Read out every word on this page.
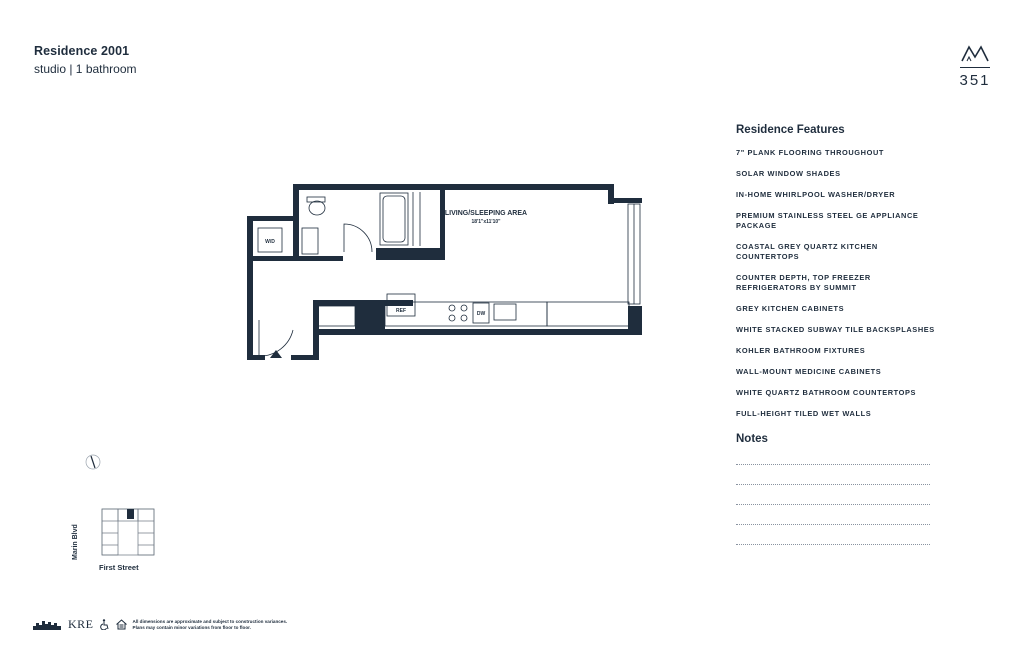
Residence 2001
studio | 1 bathroom
351
LIVING/SLEEPING AREA
18'1"x11'10"
W/D
REF	DW
Residence Features
7" PLANK FLOORING THROUGHOUT
SOLAR WINDOW SHADES
IN-HOME WHIRLPOOL WASHER/DRYER
PREMIUM STAINLESS STEEL GE APPLIANCE PACKAGE
COASTAL GREY QUARTZ KITCHEN COUNTERTOPS
COUNTER DEPTH, TOP FREEZER REFRIGERATORS BY SUMMIT
GREY KITCHEN CABINETS
WHITE STACKED SUBWAY TILE BACKSPLASHES
KOHLER BATHROOM FIXTURES
WALL-MOUNT MEDICINE CABINETS
WHITE QUARTZ BATHROOM COUNTERTOPS
FULL-HEIGHT TILED WET WALLS
Notes
Marin Blvd
First Street
KRE	All dimensions are approximate and subject to construction variances.
Plans may contain minor variations from floor to floor.
